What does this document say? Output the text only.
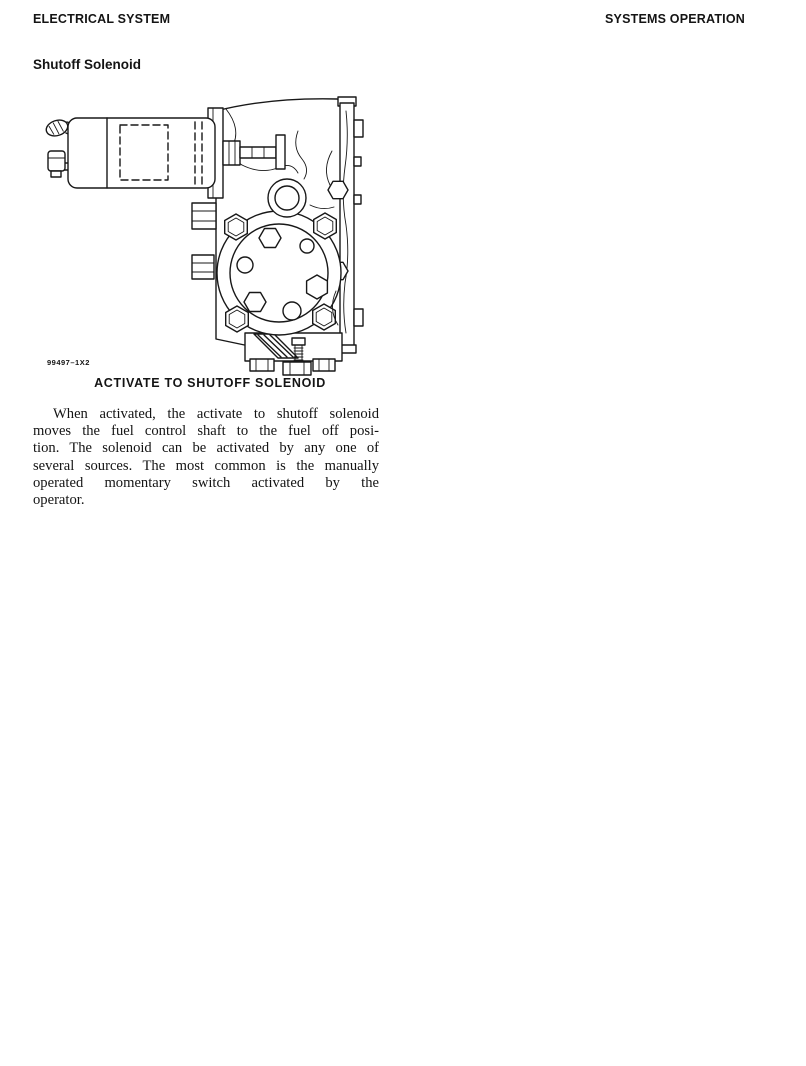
ELECTRICAL SYSTEM	SYSTEMS OPERATION
Shutoff Solenoid
99497–1X2
ACTIVATE TO SHUTOFF SOLENOID
When activated, the activate to shutoff solenoid
moves the fuel control shaft to the fuel off posi-
tion. The solenoid can be activated by any one of
several sources. The most common is the manually
operated momentary switch activated by the
operator.
